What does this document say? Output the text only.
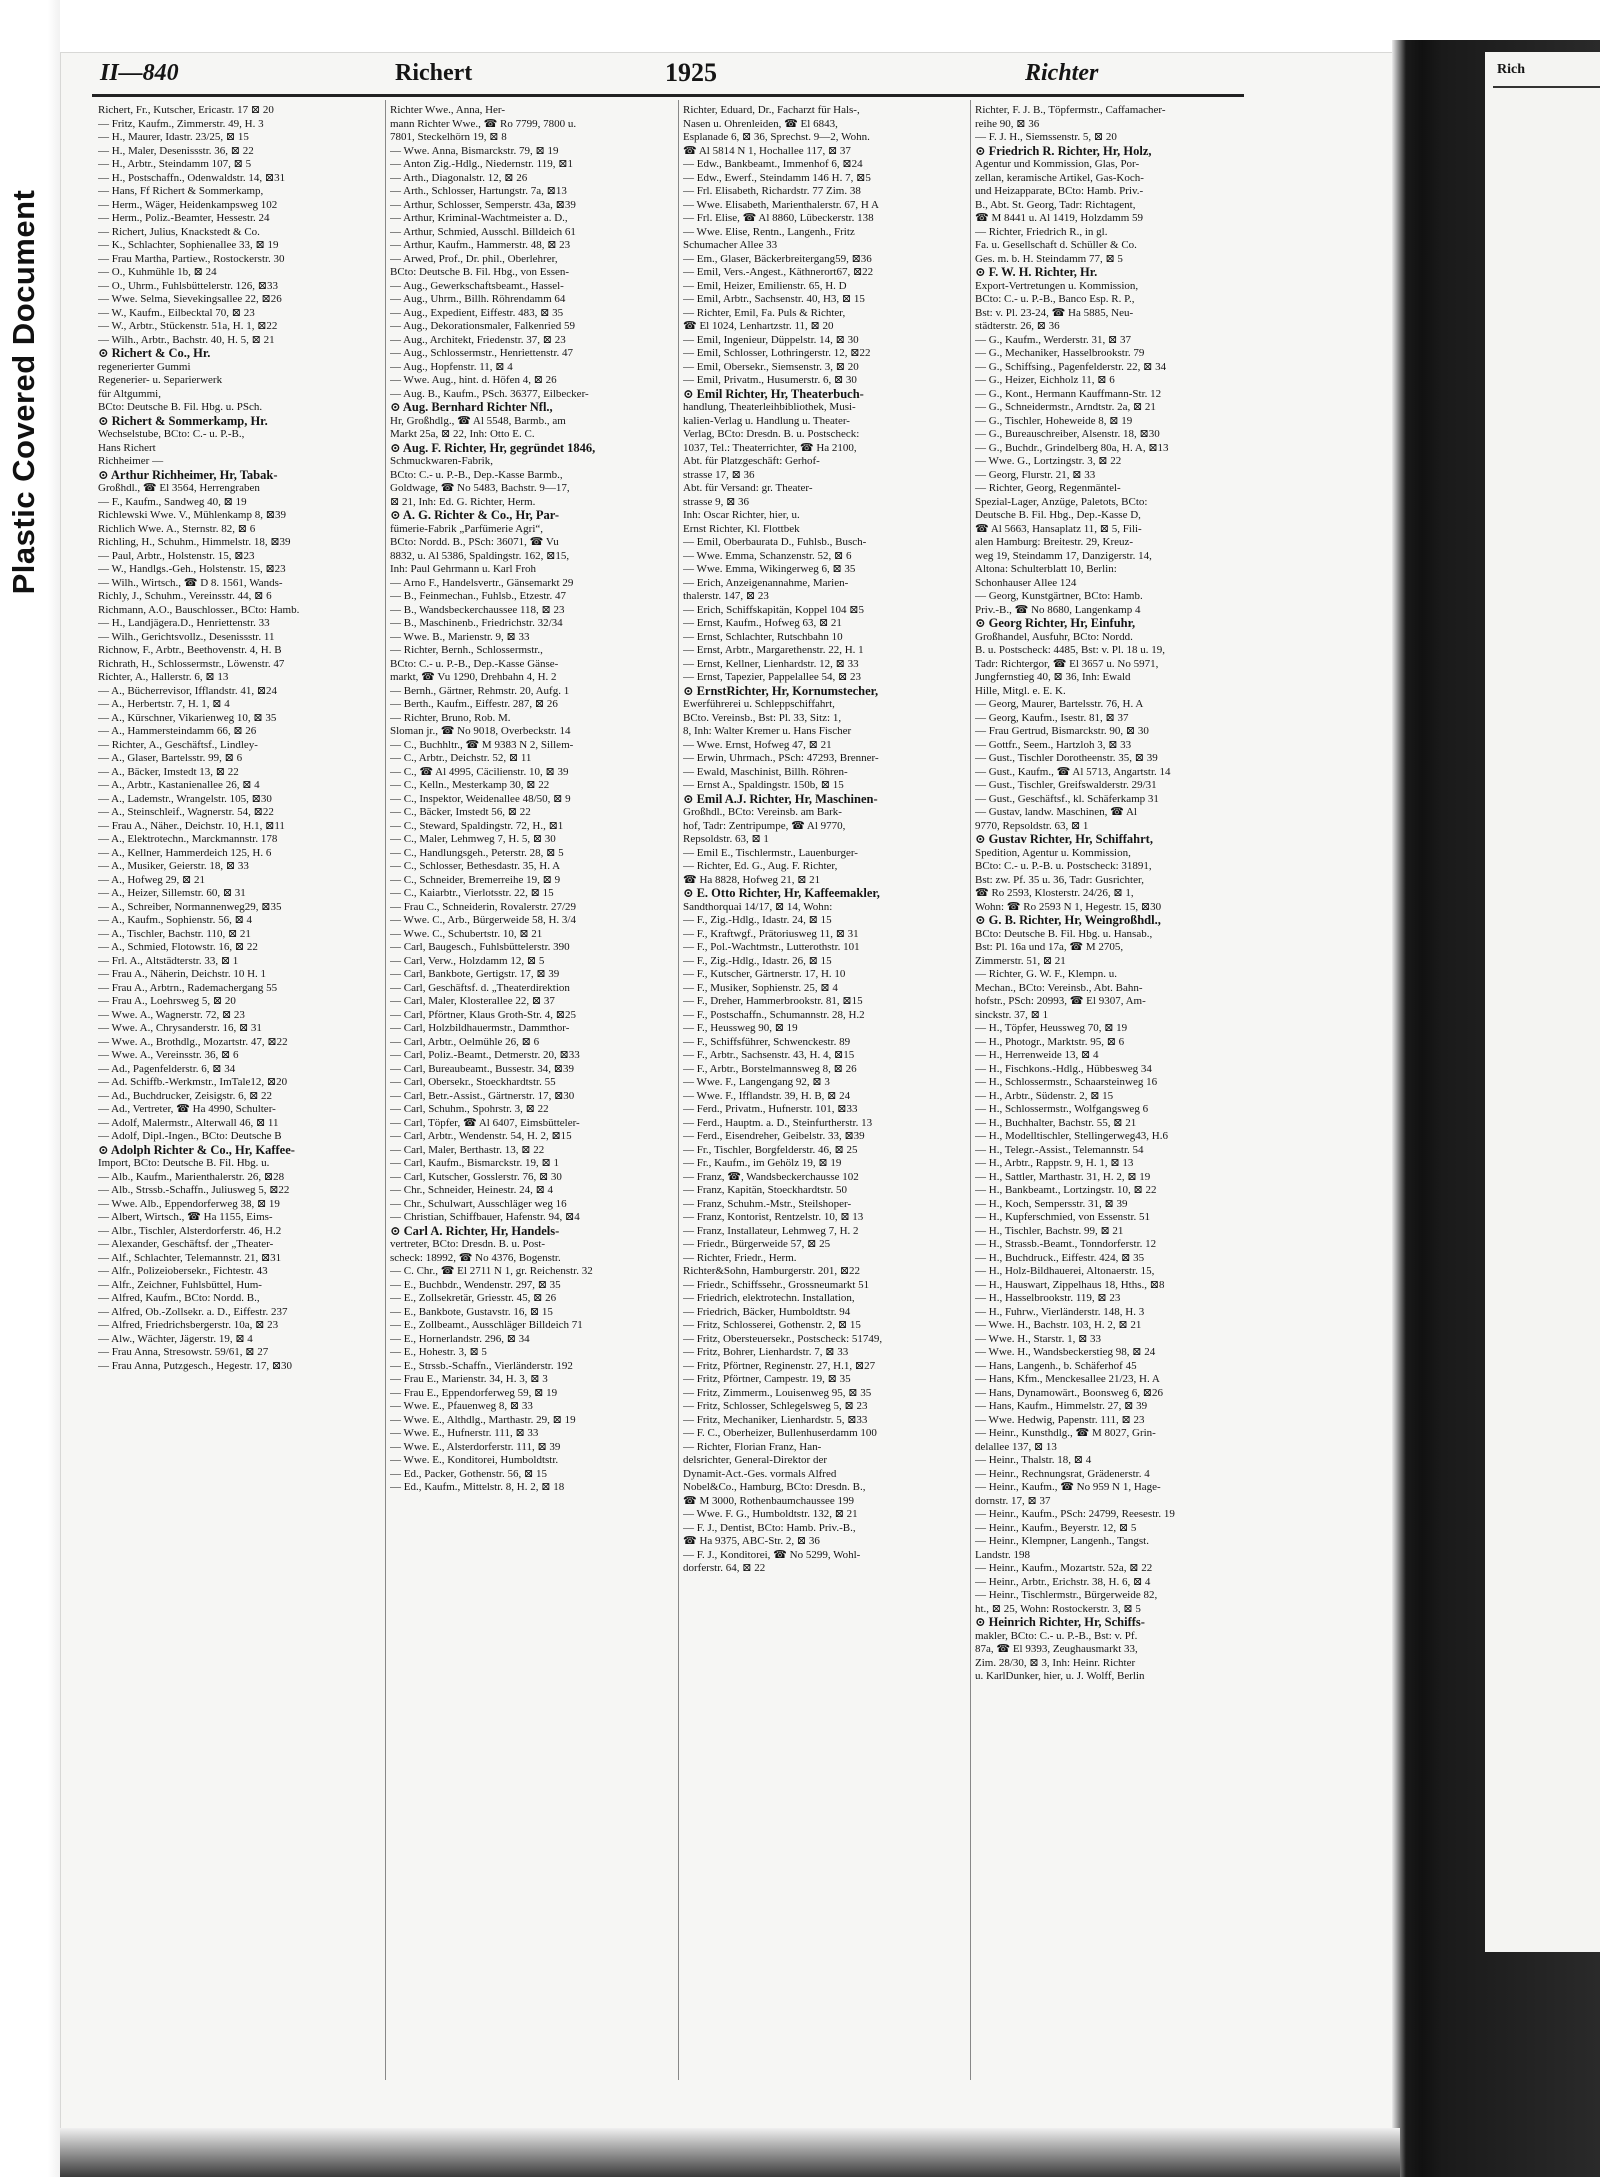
Plastic Covered Document
II—840	Richert	1925	Richter
Richert, Fr., Kutscher, Ericastr. 17 ⊠ 20
— Fritz, Kaufm., Zimmerstr. 49, H. 3
— H., Maurer, Idastr. 23/25, ⊠ 15
— H., Maler, Desenissstr. 36, ⊠ 22
— H., Arbtr., Steindamm 107, ⊠ 5
— H., Postschaffn., Odenwaldstr. 14, ⊠31
— Hans, Ff Richert & Sommerkamp,
— Herm., Wäger, Heidenkampsweg 102
— Herm., Poliz.-Beamter, Hessestr. 24
— Richert, Julius, Knackstedt & Co.
— K., Schlachter, Sophienallee 33, ⊠ 19
— Frau Martha, Partiew., Rostockerstr. 30
— O., Kuhmühle 1b, ⊠ 24
— O., Uhrm., Fuhlsbüttelerstr. 126, ⊠33
— Wwe. Selma, Sievekingsallee 22, ⊠26
— W., Kaufm., Eilbecktal 70, ⊠ 23
— W., Arbtr., Stückenstr. 51a, H. 1, ⊠22
— Wilh., Arbtr., Bachstr. 40, H. 5, ⊠ 21
⊙ Richert & Co., Hr.
regenerierter Gummi
Regenerier- u. Separierwerk
für Altgummi,
BCto: Deutsche B. Fil. Hbg. u. PSch.
⊙ Richert & Sommerkamp, Hr.
Wechselstube, BCto: C.- u. P.-B.,
Hans Richert
Richheimer —
⊙ Arthur Richheimer, Hr, Tabak-
Großhdl., ☎ El 3564, Herrengraben
— F., Kaufm., Sandweg 40, ⊠ 19
Richlewski Wwe. V., Mühlenkamp 8, ⊠39
Richlich Wwe. A., Sternstr. 82, ⊠ 6
Richling, H., Schuhm., Himmelstr. 18, ⊠39
— Paul, Arbtr., Holstenstr. 15, ⊠23
— W., Handlgs.-Geh., Holstenstr. 15, ⊠23
— Wilh., Wirtsch., ☎ D 8. 1561, Wands-
Richly, J., Schuhm., Vereinsstr. 44, ⊠ 6
Richmann, A.O., Bauschlosser., BCto: Hamb.
— H., Landjägera.D., Henriettenstr. 33
— Wilh., Gerichtsvollz., Desenissstr. 11
Richnow, F., Arbtr., Beethovenstr. 4, H. B
Richrath, H., Schlossermstr., Löwenstr. 47
Richter, A., Hallerstr. 6, ⊠ 13
— A., Bücherrevisor, Ifflandstr. 41, ⊠24
— A., Herbertstr. 7, H. 1, ⊠ 4
— A., Kürschner, Vikarienweg 10, ⊠ 35
— A., Hammersteindamm 66, ⊠ 26
— Richter, A., Geschäftsf., Lindley-
— A., Glaser, Bartelsstr. 99, ⊠ 6
— A., Bäcker, Imstedt 13, ⊠ 22
— A., Arbtr., Kastanienallee 26, ⊠ 4
— A., Lademstr., Wrangelstr. 105, ⊠30
— A., Steinschleif., Wagnerstr. 54, ⊠22
— Frau A., Näher., Deichstr. 10, H.1, ⊠11
— A., Elektrotechn., Marckmannstr. 178
— A., Kellner, Hammerdeich 125, H. 6
— A., Musiker, Geierstr. 18, ⊠ 33
— A., Hofweg 29, ⊠ 21
— A., Heizer, Sillemstr. 60, ⊠ 31
— A., Schreiber, Normannenweg29, ⊠35
— A., Kaufm., Sophienstr. 56, ⊠ 4
— A., Tischler, Bachstr. 110, ⊠ 21
— A., Schmied, Flotowstr. 16, ⊠ 22
— Frl. A., Altstädterstr. 33, ⊠ 1
— Frau A., Näherin, Deichstr. 10 H. 1
— Frau A., Arbtrn., Rademachergang 55
— Frau A., Loehrsweg 5, ⊠ 20
— Wwe. A., Wagnerstr. 72, ⊠ 23
— Wwe. A., Chrysanderstr. 16, ⊠ 31
— Wwe. A., Brothdlg., Mozartstr. 47, ⊠22
— Wwe. A., Vereinsstr. 36, ⊠ 6
— Ad., Pagenfelderstr. 6, ⊠ 34
— Ad. Schiffb.-Werkmstr., ImTale12, ⊠20
— Ad., Buchdrucker, Zeisigstr. 6, ⊠ 22
— Ad., Vertreter, ☎ Ha 4990, Schulter-
— Adolf, Malermstr., Alterwall 46, ⊠ 11
— Adolf, Dipl.-Ingen., BCto: Deutsche B
⊙ Adolph Richter & Co., Hr, Kaffee-
Import, BCto: Deutsche B. Fil. Hbg. u.
— Alb., Kaufm., Marienthalerstr. 26, ⊠28
— Alb., Strssb.-Schaffn., Juliusweg 5, ⊠22
— Wwe. Alb., Eppendorferweg 38, ⊠ 19
— Albert, Wirtsch., ☎ Ha 1155, Eims-
— Albr., Tischler, Alsterdorferstr. 46, H.2
— Alexander, Geschäftsf. der „Theater-
— Alf., Schlachter, Telemannstr. 21, ⊠31
— Alfr., Polizeiobersekr., Fichtestr. 43
— Alfr., Zeichner, Fuhlsbüttel, Hum-
— Alfred, Kaufm., BCto: Nordd. B.,
— Alfred, Ob.-Zollsekr. a. D., Eiffestr. 237
— Alfred, Friedrichsbergerstr. 10a, ⊠ 23
— Alw., Wächter, Jägerstr. 19, ⊠ 4
— Frau Anna, Stresowstr. 59/61, ⊠ 27
— Frau Anna, Putzgesch., Hegestr. 17, ⊠30
Richter Wwe., Anna, Her-
mann Richter Wwe., ☎ Ro 7799, 7800 u.
7801, Steckelhörn 19, ⊠ 8
— Wwe. Anna, Bismarckstr. 79, ⊠ 19
— Anton Zig.-Hdlg., Niedernstr. 119, ⊠1
— Arth., Diagonalstr. 12, ⊠ 26
— Arth., Schlosser, Hartungstr. 7a, ⊠13
— Arthur, Schlosser, Semperstr. 43a, ⊠39
— Arthur, Kriminal-Wachtmeister a. D.,
— Arthur, Schmied, Ausschl. Billdeich 61
— Arthur, Kaufm., Hammerstr. 48, ⊠ 23
— Arwed, Prof., Dr. phil., Oberlehrer,
BCto: Deutsche B. Fil. Hbg., von Essen-
— Aug., Gewerkschaftsbeamt., Hassel-
— Aug., Uhrm., Billh. Röhrendamm 64
— Aug., Expedient, Eiffestr. 483, ⊠ 35
— Aug., Dekorationsmaler, Falkenried 59
— Aug., Architekt, Friedenstr. 37, ⊠ 23
— Aug., Schlossermstr., Henriettenstr. 47
— Aug., Hopfenstr. 11, ⊠ 4
— Wwe. Aug., hint. d. Höfen 4, ⊠ 26
— Aug. B., Kaufm., PSch. 36377, Eilbecker-
⊙ Aug. Bernhard Richter Nfl.,
Hr, Großhdlg., ☎ Al 5548, Barmb., am
Markt 25a, ⊠ 22, Inh: Otto E. C.
⊙ Aug. F. Richter, Hr, gegründet 1846,
Schmuckwaren-Fabrik,
BCto: C.- u. P.-B., Dep.-Kasse Barmb.,
Goldwage, ☎ No 5483, Bachstr. 9—17,
⊠ 21, Inh: Ed. G. Richter, Herm.
⊙ A. G. Richter & Co., Hr, Par-
fümerie-Fabrik „Parfümerie Agri“,
BCto: Nordd. B., PSch: 36071, ☎ Vu
8832, u. Al 5386, Spaldingstr. 162, ⊠15,
Inh: Paul Gehrmann u. Karl Froh
— Arno F., Handelsvertr., Gänsemarkt 29
— B., Feinmechan., Fuhlsb., Etzestr. 47
— B., Wandsbeckerchaussee 118, ⊠ 23
— B., Maschinenb., Friedrichstr. 32/34
— Wwe. B., Marienstr. 9, ⊠ 33
— Richter, Bernh., Schlossermstr.,
BCto: C.- u. P.-B., Dep.-Kasse Gänse-
markt, ☎ Vu 1290, Drehbahn 4, H. 2
— Bernh., Gärtner, Rehmstr. 20, Aufg. 1
— Berth., Kaufm., Eiffestr. 287, ⊠ 26
— Richter, Bruno, Rob. M.
Sloman jr., ☎ No 9018, Overbeckstr. 14
— C., Buchhltr., ☎ M 9383 N 2, Sillem-
— C., Arbtr., Deichstr. 52, ⊠ 11
— C., ☎ Al 4995, Cäcilienstr. 10, ⊠ 39
— C., Kelln., Mesterkamp 30, ⊠ 22
— C., Inspektor, Weidenallee 48/50, ⊠ 9
— C., Bäcker, Imstedt 56, ⊠ 22
— C., Steward, Spaldingstr. 72, H., ⊠1
— C., Maler, Lehmweg 7, H. 5, ⊠ 30
— C., Handlungsgeh., Peterstr. 28, ⊠ 5
— C., Schlosser, Bethesdastr. 35, H. A
— C., Schneider, Bremerreihe 19, ⊠ 9
— C., Kaiarbtr., Vierlotsstr. 22, ⊠ 15
— Frau C., Schneiderin, Rovalerstr. 27/29
— Wwe. C., Arb., Bürgerweide 58, H. 3/4
— Wwe. C., Schubertstr. 10, ⊠ 21
— Carl, Baugesch., Fuhlsbüttelerstr. 390
— Carl, Verw., Holzdamm 12, ⊠ 5
— Carl, Bankbote, Gertigstr. 17, ⊠ 39
— Carl, Geschäftsf. d. „Theaterdirektion
— Carl, Maler, Klosterallee 22, ⊠ 37
— Carl, Pförtner, Klaus Groth-Str. 4, ⊠25
— Carl, Holzbildhauermstr., Dammthor-
— Carl, Arbtr., Oelmühle 26, ⊠ 6
— Carl, Poliz.-Beamt., Detmerstr. 20, ⊠33
— Carl, Bureaubeamt., Bussestr. 34, ⊠39
— Carl, Obersekr., Stoeckhardtstr. 55
— Carl, Betr.-Assist., Gärtnerstr. 17, ⊠30
— Carl, Schuhm., Spohrstr. 3, ⊠ 22
— Carl, Töpfer, ☎ Al 6407, Eimsbütteler-
— Carl, Arbtr., Wendenstr. 54, H. 2, ⊠15
— Carl, Maler, Berthastr. 13, ⊠ 22
— Carl, Kaufm., Bismarckstr. 19, ⊠ 1
— Carl, Kutscher, Gosslerstr. 76, ⊠ 30
— Chr., Schneider, Heinestr. 24, ⊠ 4
— Chr., Schulwart, Ausschläger weg 16
— Christian, Schiffbauer, Hafenstr. 94, ⊠4
⊙ Carl A. Richter, Hr, Handels-
vertreter, BCto: Dresdn. B. u. Post-
scheck: 18992, ☎ No 4376, Bogenstr.
— C. Chr., ☎ El 2711 N 1, gr. Reichenstr. 32
— E., Buchbdr., Wendenstr. 297, ⊠ 35
— E., Zollsekretär, Griesstr. 45, ⊠ 26
— E., Bankbote, Gustavstr. 16, ⊠ 15
— E., Zollbeamt., Ausschläger Billdeich 71
— E., Hornerlandstr. 296, ⊠ 34
— E., Hohestr. 3, ⊠ 5
— E., Strssb.-Schaffn., Vierländerstr. 192
— Frau E., Marienstr. 34, H. 3, ⊠ 3
— Frau E., Eppendorferweg 59, ⊠ 19
— Wwe. E., Pfauenweg 8, ⊠ 33
— Wwe. E., Althdlg., Marthastr. 29, ⊠ 19
— Wwe. E., Hufnerstr. 111, ⊠ 33
— Wwe. E., Alsterdorferstr. 111, ⊠ 39
— Wwe. E., Konditorei, Humboldtstr.
— Ed., Packer, Gothenstr. 56, ⊠ 15
— Ed., Kaufm., Mittelstr. 8, H. 2, ⊠ 18
Richter, Eduard, Dr., Facharzt für Hals-,
Nasen u. Ohrenleiden, ☎ El 6843,
Esplanade 6, ⊠ 36, Sprechst. 9—2, Wohn.
☎ Al 5814 N 1, Hochallee 117, ⊠ 37
— Edw., Bankbeamt., Immenhof 6, ⊠24
— Edw., Ewerf., Steindamm 146 H. 7, ⊠5
— Frl. Elisabeth, Richardstr. 77 Zim. 38
— Wwe. Elisabeth, Marienthalerstr. 67, H A
— Frl. Elise, ☎ Al 8860, Lübeckerstr. 138
— Wwe. Elise, Rentn., Langenh., Fritz
Schumacher Allee 33
— Em., Glaser, Bäckerbreitergang59, ⊠36
— Emil, Vers.-Angest., Käthnerort67, ⊠22
— Emil, Heizer, Emilienstr. 65, H. D
— Emil, Arbtr., Sachsenstr. 40, H3, ⊠ 15
— Richter, Emil, Fa. Puls & Richter,
☎ El 1024, Lenhartzstr. 11, ⊠ 20
— Emil, Ingenieur, Düppelstr. 14, ⊠ 30
— Emil, Schlosser, Lothringerstr. 12, ⊠22
— Emil, Obersekr., Siemsenstr. 3, ⊠ 20
— Emil, Privatm., Husumerstr. 6, ⊠ 30
⊙ Emil Richter, Hr, Theaterbuch-
handlung, Theaterleihbibliothek, Musi-
kalien-Verlag u. Handlung u. Theater-
Verlag, BCto: Dresdn. B. u. Postscheck:
1037, Tel.: Theaterrichter, ☎ Ha 2100,
Abt. für Platzgeschäft: Gerhof-
strasse 17, ⊠ 36
Abt. für Versand: gr. Theater-
strasse 9, ⊠ 36
Inh: Oscar Richter, hier, u.
Ernst Richter, Kl. Flottbek
— Emil, Oberbaurata D., Fuhlsb., Busch-
— Wwe. Emma, Schanzenstr. 52, ⊠ 6
— Wwe. Emma, Wikingerweg 6, ⊠ 35
— Erich, Anzeigenannahme, Marien-
thalerstr. 147, ⊠ 23
— Erich, Schiffskapitän, Koppel 104 ⊠5
— Ernst, Kaufm., Hofweg 63, ⊠ 21
— Ernst, Schlachter, Rutschbahn 10
— Ernst, Arbtr., Margarethenstr. 22, H. 1
— Ernst, Kellner, Lienhardstr. 12, ⊠ 33
— Ernst, Tapezier, Pappelallee 54, ⊠ 23
⊙ ErnstRichter, Hr, Kornumstecher,
Ewerführerei u. Schleppschiffahrt,
BCto. Vereinsb., Bst: Pl. 33, Sitz: 1,
8, Inh: Walter Kremer u. Hans Fischer
— Wwe. Ernst, Hofweg 47, ⊠ 21
— Erwin, Uhrmach., PSch: 47293, Brenner-
— Ewald, Maschinist, Billh. Röhren-
— Ernst A., Spaldingstr. 150b, ⊠ 15
⊙ Emil A.J. Richter, Hr, Maschinen-
Großhdl., BCto: Vereinsb. am Bark-
hof, Tadr: Zentripumpe, ☎ Al 9770,
Repsoldstr. 63, ⊠ 1
— Emil E., Tischlermstr., Lauenburger-
— Richter, Ed. G., Aug. F. Richter,
☎ Ha 8828, Hofweg 21, ⊠ 21
⊙ E. Otto Richter, Hr, Kaffeemakler,
Sandthorquai 14/17, ⊠ 14, Wohn:
— F., Zig.-Hdlg., Idastr. 24, ⊠ 15
— F., Kraftwgf., Prätoriusweg 11, ⊠ 31
— F., Pol.-Wachtmstr., Lutterothstr. 101
— F., Zig.-Hdlg., Idastr. 26, ⊠ 15
— F., Kutscher, Gärtnerstr. 17, H. 10
— F., Musiker, Sophienstr. 25, ⊠ 4
— F., Dreher, Hammerbrookstr. 81, ⊠15
— F., Postschaffn., Schumannstr. 28, H.2
— F., Heussweg 90, ⊠ 19
— F., Schiffsführer, Schwenckestr. 89
— F., Arbtr., Sachsenstr. 43, H. 4, ⊠15
— F., Arbtr., Borstelmannsweg 8, ⊠ 26
— Wwe. F., Langengang 92, ⊠ 3
— Wwe. F., Ifflandstr. 39, H. B, ⊠ 24
— Ferd., Privatm., Hufnerstr. 101, ⊠33
— Ferd., Hauptm. a. D., Steinfurtherstr. 13
— Ferd., Eisendreher, Geibelstr. 33, ⊠39
— Fr., Tischler, Borgfelderstr. 46, ⊠ 25
— Fr., Kaufm., im Gehölz 19, ⊠ 19
— Franz, ☎, Wandsbeckerchausse 102
— Franz, Kapitän, Stoeckhardtstr. 50
— Franz, Schuhm.-Mstr., Steilshoper-
— Franz, Kontorist, Rentzelstr. 10, ⊠ 13
— Franz, Installateur, Lehmweg 7, H. 2
— Friedr., Bürgerweide 57, ⊠ 25
— Richter, Friedr., Herm.
Richter&Sohn, Hamburgerstr. 201, ⊠22
— Friedr., Schiffssehr., Grossneumarkt 51
— Friedrich, elektrotechn. Installation,
— Friedrich, Bäcker, Humboldtstr. 94
— Fritz, Schlosserei, Gothenstr. 2, ⊠ 15
— Fritz, Obersteuersekr., Postscheck: 51749,
— Fritz, Bohrer, Lienhardstr. 7, ⊠ 33
— Fritz, Pförtner, Reginenstr. 27, H.1, ⊠27
— Fritz, Pförtner, Campestr. 19, ⊠ 35
— Fritz, Zimmerm., Louisenweg 95, ⊠ 35
— Fritz, Schlosser, Schlegelsweg 5, ⊠ 23
— Fritz, Mechaniker, Lienhardstr. 5, ⊠33
— F. C., Oberheizer, Bullenhuserdamm 100
— Richter, Florian Franz, Han-
delsrichter, General-Direktor der
Dynamit-Act.-Ges. vormals Alfred
Nobel&Co., Hamburg, BCto: Dresdn. B.,
☎ M 3000, Rothenbaumchaussee 199
— Wwe. F. G., Humboldtstr. 132, ⊠ 21
— F. J., Dentist, BCto: Hamb. Priv.-B.,
☎ Ha 9375, ABC-Str. 2, ⊠ 36
— F. J., Konditorei, ☎ No 5299, Wohl-
dorferstr. 64, ⊠ 22
Richter, F. J. B., Töpfermstr., Caffamacher-
reihe 90, ⊠ 36
— F. J. H., Siemssenstr. 5, ⊠ 20
⊙ Friedrich R. Richter, Hr, Holz,
Agentur und Kommission, Glas, Por-
zellan, keramische Artikel, Gas-Koch-
und Heizapparate, BCto: Hamb. Priv.-
B., Abt. St. Georg, Tadr: Richtagent,
☎ M 8441 u. Al 1419, Holzdamm 59
— Richter, Friedrich R., in gl.
Fa. u. Gesellschaft d. Schüller & Co.
Ges. m. b. H. Steindamm 77, ⊠ 5
⊙ F. W. H. Richter, Hr.
Export-Vertretungen u. Kommission,
BCto: C.- u. P.-B., Banco Esp. R. P.,
Bst: v. Pl. 23-24, ☎ Ha 5885, Neu-
städterstr. 26, ⊠ 36
— G., Kaufm., Werderstr. 31, ⊠ 37
— G., Mechaniker, Hasselbrookstr. 79
— G., Schiffsing., Pagenfelderstr. 22, ⊠ 34
— G., Heizer, Eichholz 11, ⊠ 6
— G., Kont., Hermann Kauffmann-Str. 12
— G., Schneidermstr., Arndtstr. 2a, ⊠ 21
— G., Tischler, Hoheweide 8, ⊠ 19
— G., Bureauschreiber, Alsenstr. 18, ⊠30
— G., Buchdr., Grindelberg 80a, H. A, ⊠13
— Wwe. G., Lortzingstr. 3, ⊠ 22
— Georg, Flurstr. 21, ⊠ 33
— Richter, Georg, Regenmäntel-
Spezial-Lager, Anzüge, Paletots, BCto:
Deutsche B. Fil. Hbg., Dep.-Kasse D,
☎ Al 5663, Hansaplatz 11, ⊠ 5, Fili-
alen Hamburg: Breitestr. 29, Kreuz-
weg 19, Steindamm 17, Danzigerstr. 14,
Altona: Schulterblatt 10, Berlin:
Schonhauser Allee 124
— Georg, Kunstgärtner, BCto: Hamb.
Priv.-B., ☎ No 8680, Langenkamp 4
⊙ Georg Richter, Hr, Einfuhr,
Großhandel, Ausfuhr, BCto: Nordd.
B. u. Postscheck: 4485, Bst: v. Pl. 18 u. 19,
Tadr: Richtergor, ☎ El 3657 u. No 5971,
Jungfernstieg 40, ⊠ 36, Inh: Ewald
Hille, Mitgl. e. E. K.
— Georg, Maurer, Bartelsstr. 76, H. A
— Georg, Kaufm., Isestr. 81, ⊠ 37
— Frau Gertrud, Bismarckstr. 90, ⊠ 30
— Gottfr., Seem., Hartzloh 3, ⊠ 33
— Gust., Tischler Dorotheenstr. 35, ⊠ 39
— Gust., Kaufm., ☎ Al 5713, Angartstr. 14
— Gust., Tischler, Greifswalderstr. 29/31
— Gust., Geschäftsf., kl. Schäferkamp 31
— Gustav, landw. Maschinen, ☎ Al
9770, Repsoldstr. 63, ⊠ 1
⊙ Gustav Richter, Hr, Schiffahrt,
Spedition, Agentur u. Kommission,
BCto: C.- u. P.-B. u. Postscheck: 31891,
Bst: zw. Pf. 35 u. 36, Tadr: Gusrichter,
☎ Ro 2593, Klosterstr. 24/26, ⊠ 1,
Wohn: ☎ Ro 2593 N 1, Hegestr. 15, ⊠30
⊙ G. B. Richter, Hr, Weingroßhdl.,
BCto: Deutsche B. Fil. Hbg. u. Hansab.,
Bst: Pl. 16a und 17a, ☎ M 2705,
Zimmerstr. 51, ⊠ 21
— Richter, G. W. F., Klempn. u.
Mechan., BCto: Vereinsb., Abt. Bahn-
hofstr., PSch: 20993, ☎ El 9307, Am-
sinckstr. 37, ⊠ 1
— H., Töpfer, Heussweg 70, ⊠ 19
— H., Photogr., Marktstr. 95, ⊠ 6
— H., Herrenweide 13, ⊠ 4
— H., Fischkons.-Hdlg., Hübbesweg 34
— H., Schlossermstr., Schaarsteinweg 16
— H., Arbtr., Südenstr. 2, ⊠ 15
— H., Schlossermstr., Wolfgangsweg 6
— H., Buchhalter, Bachstr. 55, ⊠ 21
— H., Modelltischler, Stellingerweg43, H.6
— H., Telegr.-Assist., Telemannstr. 54
— H., Arbtr., Rappstr. 9, H. 1, ⊠ 13
— H., Sattler, Marthastr. 31, H. 2, ⊠ 19
— H., Bankbeamt., Lortzingstr. 10, ⊠ 22
— H., Koch, Sempersstr. 31, ⊠ 39
— H., Kupferschmied, von Essenstr. 51
— H., Tischler, Bachstr. 99, ⊠ 21
— H., Strassb.-Beamt., Tonndorferstr. 12
— H., Buchdruck., Eiffestr. 424, ⊠ 35
— H., Holz-Bildhauerei, Altonaerstr. 15,
— H., Hauswart, Zippelhaus 18, Hths., ⊠8
— H., Hasselbrookstr. 119, ⊠ 23
— H., Fuhrw., Vierländerstr. 148, H. 3
— Wwe. H., Bachstr. 103, H. 2, ⊠ 21
— Wwe. H., Starstr. 1, ⊠ 33
— Wwe. H., Wandsbeckerstieg 98, ⊠ 24
— Hans, Langenh., b. Schäferhof 45
— Hans, Kfm., Menckesallee 21/23, H. A
— Hans, Dynamowärt., Boonsweg 6, ⊠26
— Hans, Kaufm., Himmelstr. 27, ⊠ 39
— Wwe. Hedwig, Papenstr. 111, ⊠ 23
— Heinr., Kunsthdlg., ☎ M 8027, Grin-
delallee 137, ⊠ 13
— Heinr., Thalstr. 18, ⊠ 4
— Heinr., Rechnungsrat, Grädenerstr. 4
— Heinr., Kaufm., ☎ No 959 N 1, Hage-
dornstr. 17, ⊠ 37
— Heinr., Kaufm., PSch: 24799, Reesestr. 19
— Heinr., Kaufm., Beyerstr. 12, ⊠ 5
— Heinr., Klempner, Langenh., Tangst.
Landstr. 198
— Heinr., Kaufm., Mozartstr. 52a, ⊠ 22
— Heinr., Arbtr., Erichstr. 38, H. 6, ⊠ 4
— Heinr., Tischlermstr., Bürgerweide 82,
ht., ⊠ 25, Wohn: Rostockerstr. 3, ⊠ 5
⊙ Heinrich Richter, Hr, Schiffs-
makler, BCto: C.- u. P.-B., Bst: v. Pf.
87a, ☎ El 9393, Zeughausmarkt 33,
Zim. 28/30, ⊠ 3, Inh: Heinr. Richter
u. KarlDunker, hier, u. J. Wolff, Berlin
Rich
